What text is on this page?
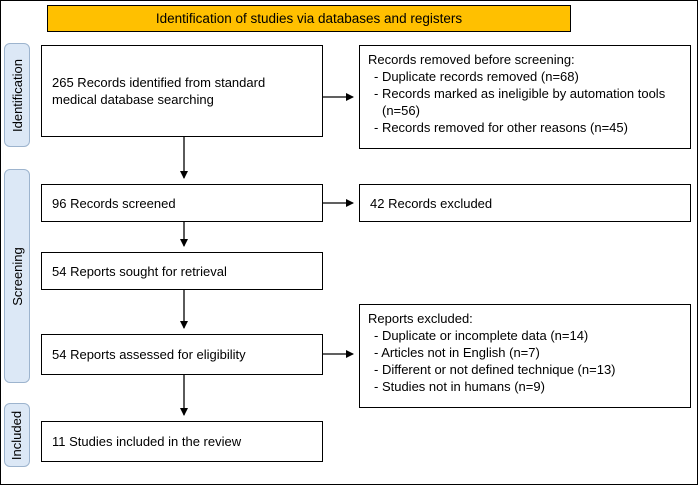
Identification of studies via databases and registers
Identification
Screening
Included
265 Records identified from standard medical database searching
Records removed before screening:
- Duplicate records removed (n=68)
- Records marked as ineligible by automation tools (n=56)
- Records removed for other reasons (n=45)
96 Records screened	42 Records excluded
54 Reports sought for retrieval
54 Reports assessed for eligibility
Reports excluded:
- Duplicate or incomplete data (n=14)
- Articles not in English (n=7)
- Different or not defined technique (n=13)
- Studies not in humans (n=9)
11 Studies included in the review
